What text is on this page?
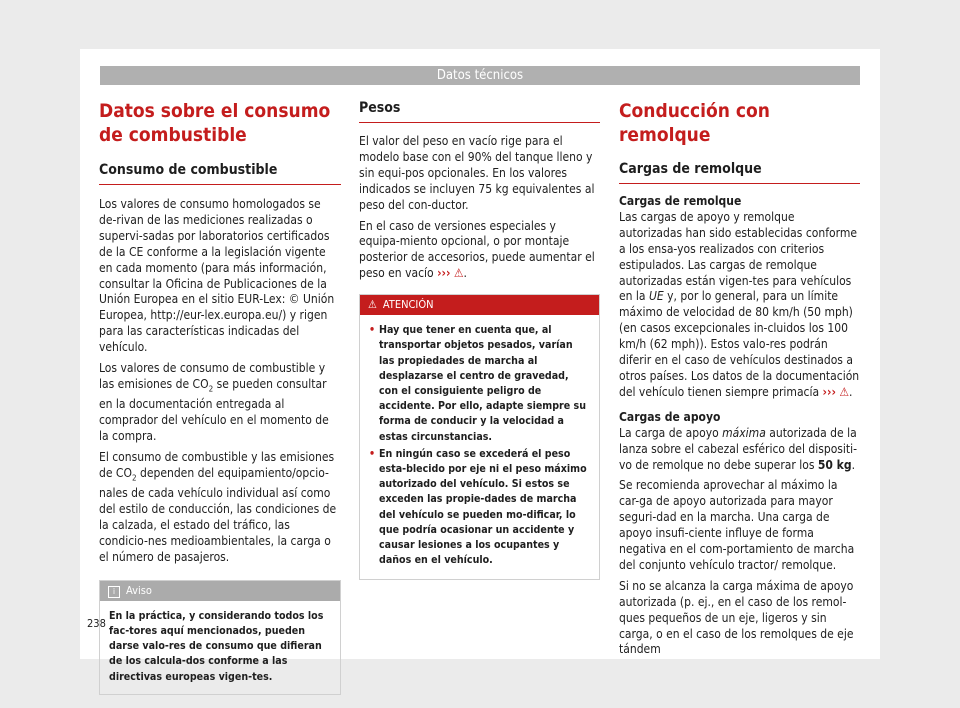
Datos técnicos
Datos sobre el consumo de combustible
Consumo de combustible

Los valores de consumo homologados se de-rivan de las mediciones realizadas o supervi-sadas por laboratorios certificados de la CE conforme a la legislación vigente en cada momento (para más información, consultar la Oficina de Publicaciones de la Unión Europea en el sitio EUR-Lex: © Unión Europea, http://eur-lex.europa.eu/) y rigen para las características indicadas del vehículo.

Los valores de consumo de combustible y las emisiones de $CO_2$ se pueden consultar en la documentación entregada al comprador del vehículo en el momento de la compra.

El consumo de combustible y las emisiones de $CO_2$ dependen del equipamiento/opcio-nales de cada vehículo individual así como del estilo de conducción, las condiciones de la calzada, el estado del tráfico, las condicio-nes medioambientales, la carga o el número de pasajeros.

i Aviso
En la práctica, y considerando todos los fac-tores aquí mencionados, pueden darse valo-res de consumo que difieran de los calcula-dos conforme a las directivas europeas vigen-tes.
Pesos

El valor del peso en vacío rige para el modelo base con el 90% del tanque lleno y sin equi-pos opcionales. En los valores indicados se incluyen 75 kg equivalentes al peso del con-ductor.

En el caso de versiones especiales y equipa-miento opcional, o por montaje posterior de accesorios, puede aumentar el peso en vacío ››› ⚠.

⚠ ATENCIÓN
• Hay que tener en cuenta que, al transportar objetos pesados, varían las propiedades de marcha al desplazarse el centro de gravedad, con el consiguiente peligro de accidente. Por ello, adapte siempre su forma de conducir y la velocidad a estas circunstancias.
• En ningún caso se excederá el peso esta-blecido por eje ni el peso máximo autorizado del vehículo. Si estos se exceden las propie-dades de marcha del vehículo se pueden mo-dificar, lo que podría ocasionar un accidente y causar lesiones a los ocupantes y daños en el vehículo.
Conducción con remolque
Cargas de remolque

Cargas de remolque

Las cargas de apoyo y remolque autorizadas han sido establecidas conforme a los ensa-yos realizados con criterios estipulados. Las cargas de remolque autorizadas están vigen-tes para vehículos en la UE y, por lo general, para un límite máximo de velocidad de 80 km/h (50 mph) (en casos excepcionales in-cluidos los 100 km/h (62 mph)). Estos valo-res podrán diferir en el caso de vehículos destinados a otros países. Los datos de la documentación del vehículo tienen siempre primacía ››› ⚠.

Cargas de apoyo

La carga de apoyo máxima autorizada de la lanza sobre el cabezal esférico del dispositi-vo de remolque no debe superar los 50 kg.

Se recomienda aprovechar al máximo la car-ga de apoyo autorizada para mayor seguri-dad en la marcha. Una carga de apoyo insufi-ciente influye de forma negativa en el com-portamiento de marcha del conjunto vehículo tractor/ remolque.

Si no se alcanza la carga máxima de apoyo autorizada (p. ej., en el caso de los remol-ques pequeños de un eje, ligeros y sin carga, o en el caso de los remolques de eje tándem

238
